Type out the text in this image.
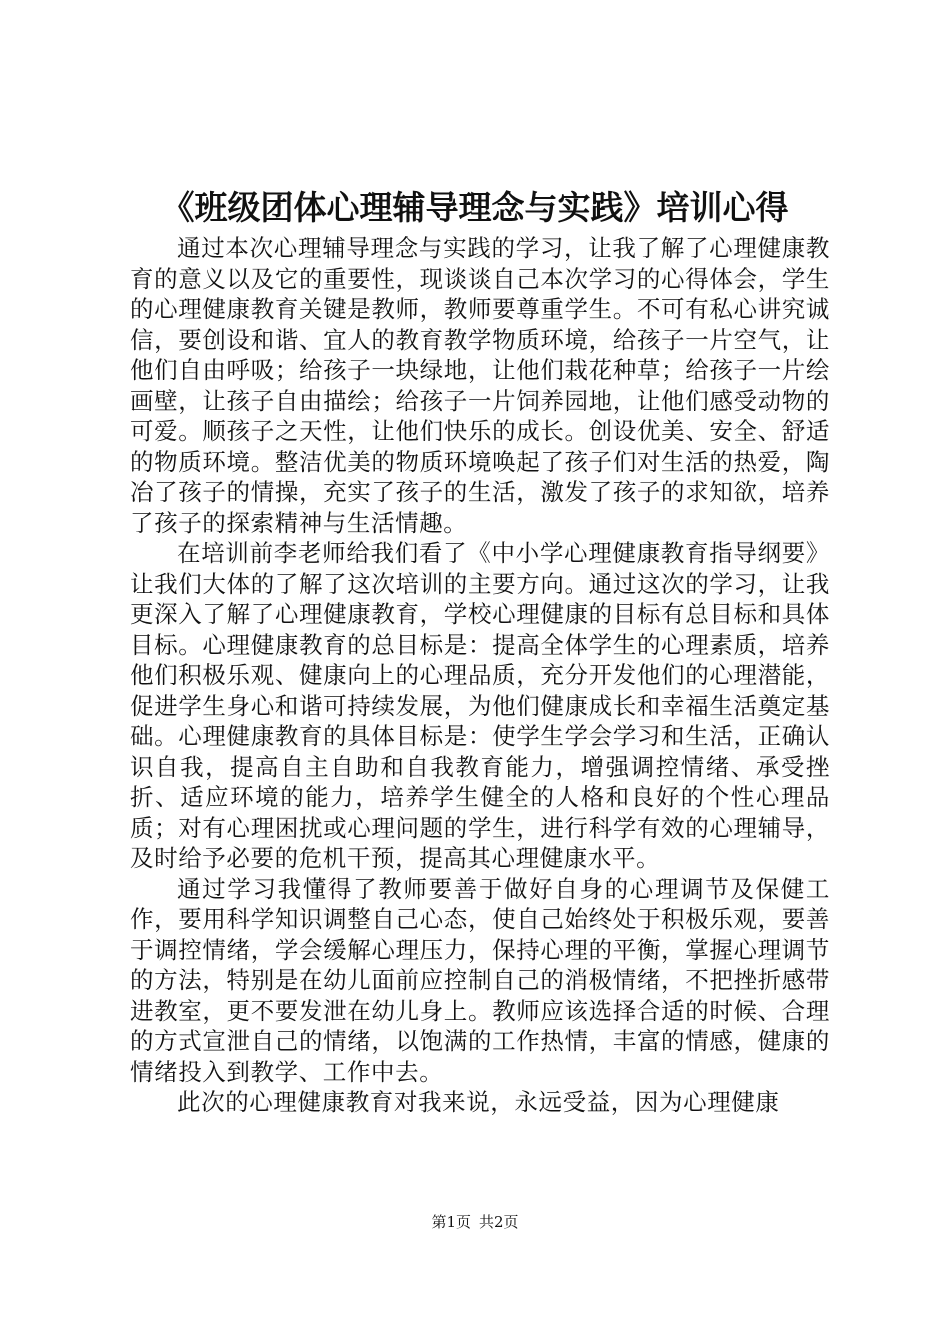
《班级团体心理辅导理念与实践》培训心得

通过本次心理辅导理念与实践的学习，让我了解了心理健康教育的意义以及它的重要性，现谈谈自己本次学习的心得体会，学生的心理健康教育关键是教师，教师要尊重学生。不可有私心讲究诚信，要创设和谐、宜人的教育教学物质环境，给孩子一片空气，让他们自由呼吸；给孩子一块绿地，让他们栽花种草；给孩子一片绘画壁，让孩子自由描绘；给孩子一片饲养园地，让他们感受动物的可爱。顺孩子之天性，让他们快乐的成长。创设优美、安全、舒适的物质环境。整洁优美的物质环境唤起了孩子们对生活的热爱，陶冶了孩子的情操，充实了孩子的生活，激发了孩子的求知欲，培养了孩子的探索精神与生活情趣。

在培训前李老师给我们看了《中小学心理健康教育指导纲要》让我们大体的了解了这次培训的主要方向。通过这次的学习，让我更深入了解了心理健康教育，学校心理健康的目标有总目标和具体目标。心理健康教育的总目标是：提高全体学生的心理素质，培养他们积极乐观、健康向上的心理品质，充分开发他们的心理潜能，促进学生身心和谐可持续发展，为他们健康成长和幸福生活奠定基础。心理健康教育的具体目标是：使学生学会学习和生活，正确认识自我，提高自主自助和自我教育能力，增强调控情绪、承受挫折、适应环境的能力，培养学生健全的人格和良好的个性心理品质；对有心理困扰或心理问题的学生，进行科学有效的心理辅导，及时给予必要的危机干预，提高其心理健康水平。

通过学习我懂得了教师要善于做好自身的心理调节及保健工作，要用科学知识调整自己心态，使自己始终处于积极乐观，要善于调控情绪，学会缓解心理压力，保持心理的平衡，掌握心理调节的方法，特别是在幼儿面前应控制自己的消极情绪，不把挫折感带进教室，更不要发泄在幼儿身上。教师应该选择合适的时候、合理的方式宣泄自己的情绪，以饱满的工作热情，丰富的情感，健康的情绪投入到教学、工作中去。

此次的心理健康教育对我来说，永远受益，因为心理健康

第1页 共2页
